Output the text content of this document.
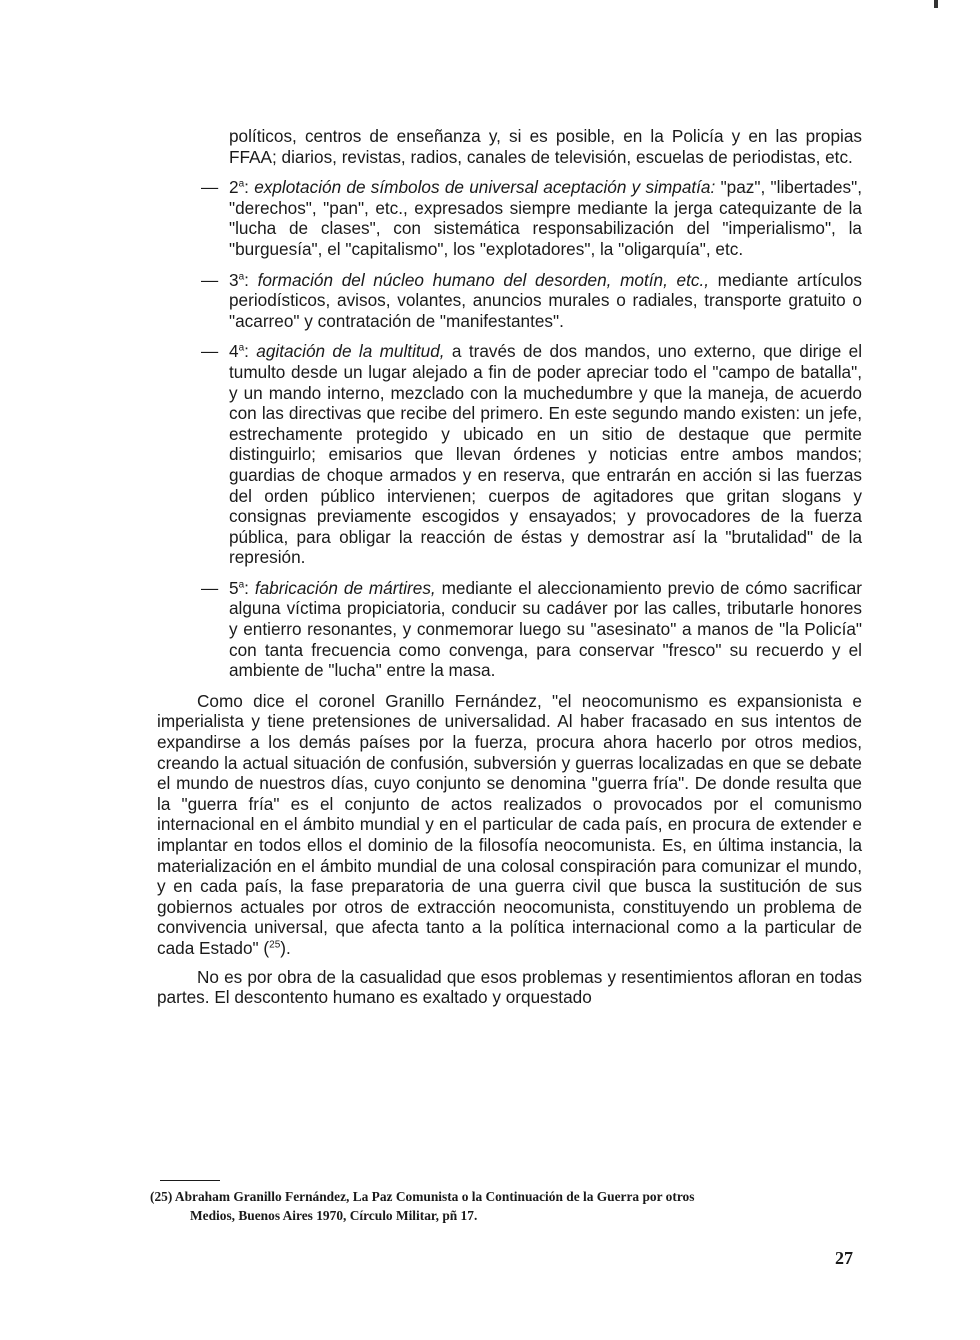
políticos, centros de enseñanza y, si es posible, en la Policía y en las propias FFAA; diarios, revistas, radios, canales de televisión, escuelas de periodistas, etc.
— 2$^a$: explotación de símbolos de universal aceptación y simpatía: "paz", "libertades", "derechos", "pan", etc., expresados siempre mediante la jerga catequizante de la "lucha de clases", con sistemática responsabilización del "imperialismo", la "burguesía", el "capitalismo", los "explotadores", la "oligarquía", etc.
— 3$^a$: formación del núcleo humano del desorden, motín, etc., mediante artículos periodísticos, avisos, volantes, anuncios murales o radiales, transporte gratuito o "acarreo" y contratación de "manifestantes".
— 4$^a$: agitación de la multitud, a través de dos mandos, uno externo, que dirige el tumulto desde un lugar alejado a fin de poder apreciar todo el "campo de batalla", y un mando interno, mezclado con la muchedumbre y que la maneja, de acuerdo con las directivas que recibe del primero. En este segundo mando existen: un jefe, estrechamente protegido y ubicado en un sitio de destaque que permite distinguirlo; emisarios que llevan órdenes y noticias entre ambos mandos; guardias de choque armados y en reserva, que entrarán en acción si las fuerzas del orden público intervienen; cuerpos de agitadores que gritan slogans y consignas previamente escogidos y ensayados; y provocadores de la fuerza pública, para obligar la reacción de éstas y demostrar así la "brutalidad" de la represión.
— 5$^a$: fabricación de mártires, mediante el aleccionamiento previo de cómo sacrificar alguna víctima propiciatoria, conducir su cadáver por las calles, tributarle honores y entierro resonantes, y conmemorar luego su "asesinato" a manos de "la Policía" con tanta frecuencia como convenga, para conservar "fresco" su recuerdo y el ambiente de "lucha" entre la masa.

Como dice el coronel Granillo Fernández, "el neocomunismo es expansionista e imperialista y tiene pretensiones de universalidad. Al haber fracasado en sus intentos de expandirse a los demás países por la fuerza, procura ahora hacerlo por otros medios, creando la actual situación de confusión, subversión y guerras localizadas en que se debate el mundo de nuestros días, cuyo conjunto se denomina "guerra fría". De donde resulta que la "guerra fría" es el conjunto de actos realizados o provocados por el comunismo internacional en el ámbito mundial y en el particular de cada país, en procura de extender e implantar en todos ellos el dominio de la filosofía neocomunista. Es, en última instancia, la materialización en el ámbito mundial de una colosal conspiración para comunizar el mundo, y en cada país, la fase preparatoria de una guerra civil que busca la sustitución de sus gobiernos actuales por otros de extracción neocomunista, constituyendo un problema de convivencia universal, que afecta tanto a la política internacional como a la particular de cada Estado" ($^{25}$).

No es por obra de la casualidad que esos problemas y resentimientos afloran en todas partes. El descontento humano es exaltado y orquestado

(25) Abraham Granillo Fernández, La Paz Comunista o la Continuación de la Guerra por otros
Medios, Buenos Aires 1970, Círculo Militar, pñ 17.
27
